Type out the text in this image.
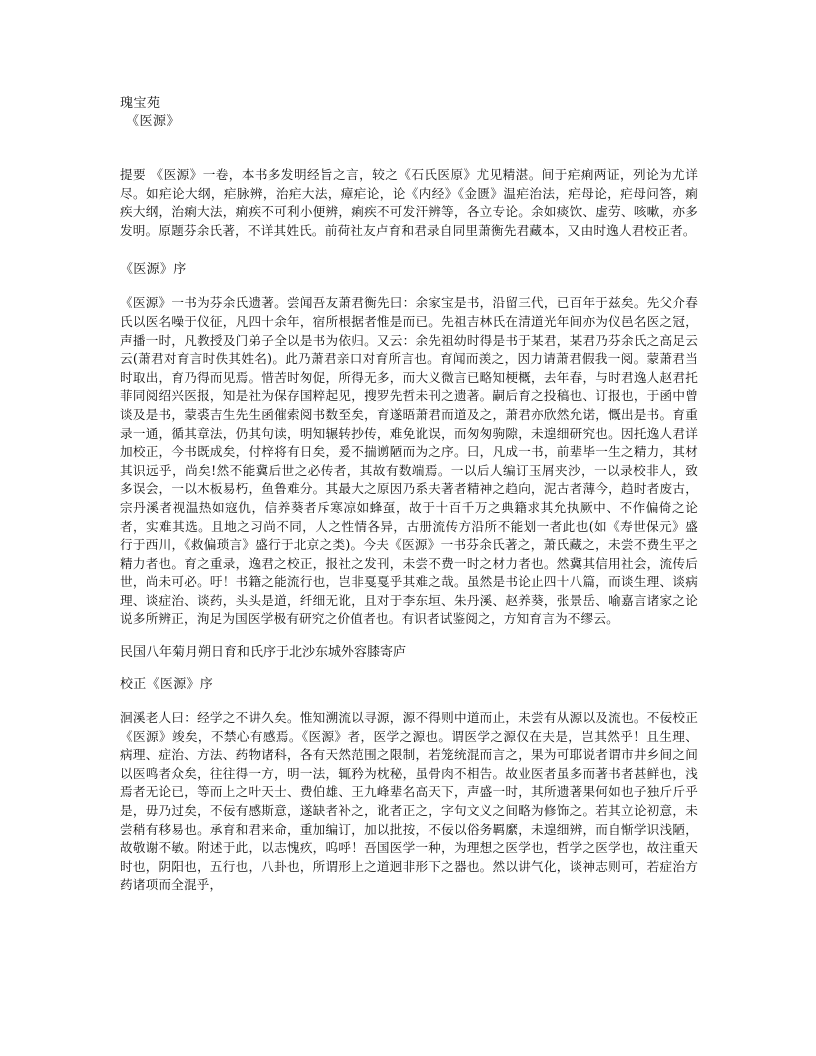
瑰宝苑

《医源》

提要 《医源》一卷，本书多发明经旨之言，较之《石氏医原》尤见精湛。间于疟痢两证，列论为尤详尽。如疟论大纲，疟脉辨，治疟大法，瘴疟论，论《内经》《金匮》温疟治法，疟母论，疟母问答，痢疾大纲，治痢大法，痢疾不可利小便辨，痢疾不可发汗辨等，各立专论。余如痰饮、虚劳、咳嗽，亦多发明。原题芬余氏著，不详其姓氏。前荷社友卢育和君录自同里萧衡先君藏本，又由时逸人君校正者。

《医源》序

《医源》一书为芬余氏遗著。尝闻吾友萧君衡先曰：余家宝是书，沿留三代，已百年于兹矣。先父介春氏以医名噪于仪征，凡四十余年，宿所根据者惟是而已。先祖吉林氏在清道光年间亦为仪邑名医之冠，声播一时，凡教授及门弟子全以是书为依归。又云：余先祖幼时得是书于某君，某君乃芬余氏之高足云云(萧君对育言时佚其姓名)。此乃萧君亲口对育所言也。育闻而羡之，因力请萧君假我一阅。蒙萧君当时取出，育乃得而见焉。惜苦时匆促，所得无多，而大义微言已略知梗概，去年春，与时君逸人赵君托菲同阅绍兴医报，知是社为保存国粹起见，搜罗先哲未刊之遗著。嗣后育之投稿也、订报也，于函中曾谈及是书，蒙裘吉生先生函催索阅书数至矣，育遂晤萧君而道及之，萧君亦欣然允诺，慨出是书。育重录一通，循其章法，仍其句读，明知辗转抄传，难免讹误，而匆匆驹隙，未遑细研究也。因托逸人君详加校正，今书既成矣，付梓将有日矣，爰不揣谫陋而为之序。曰，凡成一书，前辈毕一生之精力，其材其识远乎，尚矣!然不能冀后世之必传者，其故有数端焉。一以后人编订玉屑夹沙，一以录校非人，致多误会，一以木板易朽，鱼鲁难分。其最大之原因乃系夫著者精神之趋向，泥古者薄今，趋时者废古，宗丹溪者视温热如寇仇，信养葵者斥寒凉如蜂虿，故于十百千万之典籍求其允执厥中、不作偏倚之论者，实难其选。且地之习尚不同，人之性情各异，古册流传方沿所不能划一者此也(如《寿世保元》盛行于西川，《救偏琐言》盛行于北京之类)。今夫《医源》一书芬余氏著之，萧氏藏之，未尝不费生平之精力者也。育之重录，逸君之校正，报社之发刊，未尝不费一时之材力者也。然冀其信用社会，流传后世，尚未可必。吁！书籍之能流行也，岂非戛戛乎其难之哉。虽然是书论止四十八篇，而谈生理、谈病理、谈症治、谈药，头头是道，纤细无讹，且对于李东垣、朱丹溪、赵养葵，张景岳、喻嘉言诸家之论说多所辨正，洵足为国医学极有研究之价值者也。有识者试鉴阅之，方知育言为不缪云。

民国八年菊月朔日育和氏序于北沙东城外容膝寄庐

校正《医源》序

洄溪老人曰：经学之不讲久矣。惟知溯流以寻源，源不得则中道而止，未尝有从源以及流也。不佞校正《医源》竣矣，不禁心有感焉。《医源》者，医学之源也。谓医学之源仅在夫是，岂其然乎！且生理、病理、症治、方法、药物诸科，各有天然范围之限制，若笼统混而言之，果为可耶说者谓市井乡间之间以医鸣者众矣，往往得一方，明一法，辄矜为枕秘，虽骨肉不相告。故业医者虽多而著书者甚鲜也，浅焉者无论已，等而上之叶天士、费伯雄、王九峰辈名高天下，声盛一时，其所遗著果何如也子独斤斤乎是，毋乃过矣，不佞有感斯意，遂缺者补之，讹者正之，字句文义之间略为修饰之。若其立论初意，未尝稍有移易也。承育和君来命，重加编订，加以批按，不佞以俗务羁縻，未遑细辨，而自惭学识浅陋，故敬谢不敏。附述于此，以志愧疚，呜呼！吾国医学一种，为理想之医学也，哲学之医学也，故注重天时也，阴阳也，五行也，八卦也，所谓形上之道迥非形下之器也。然以讲气化，谈神志则可，若症治方药诸项而全混乎，
